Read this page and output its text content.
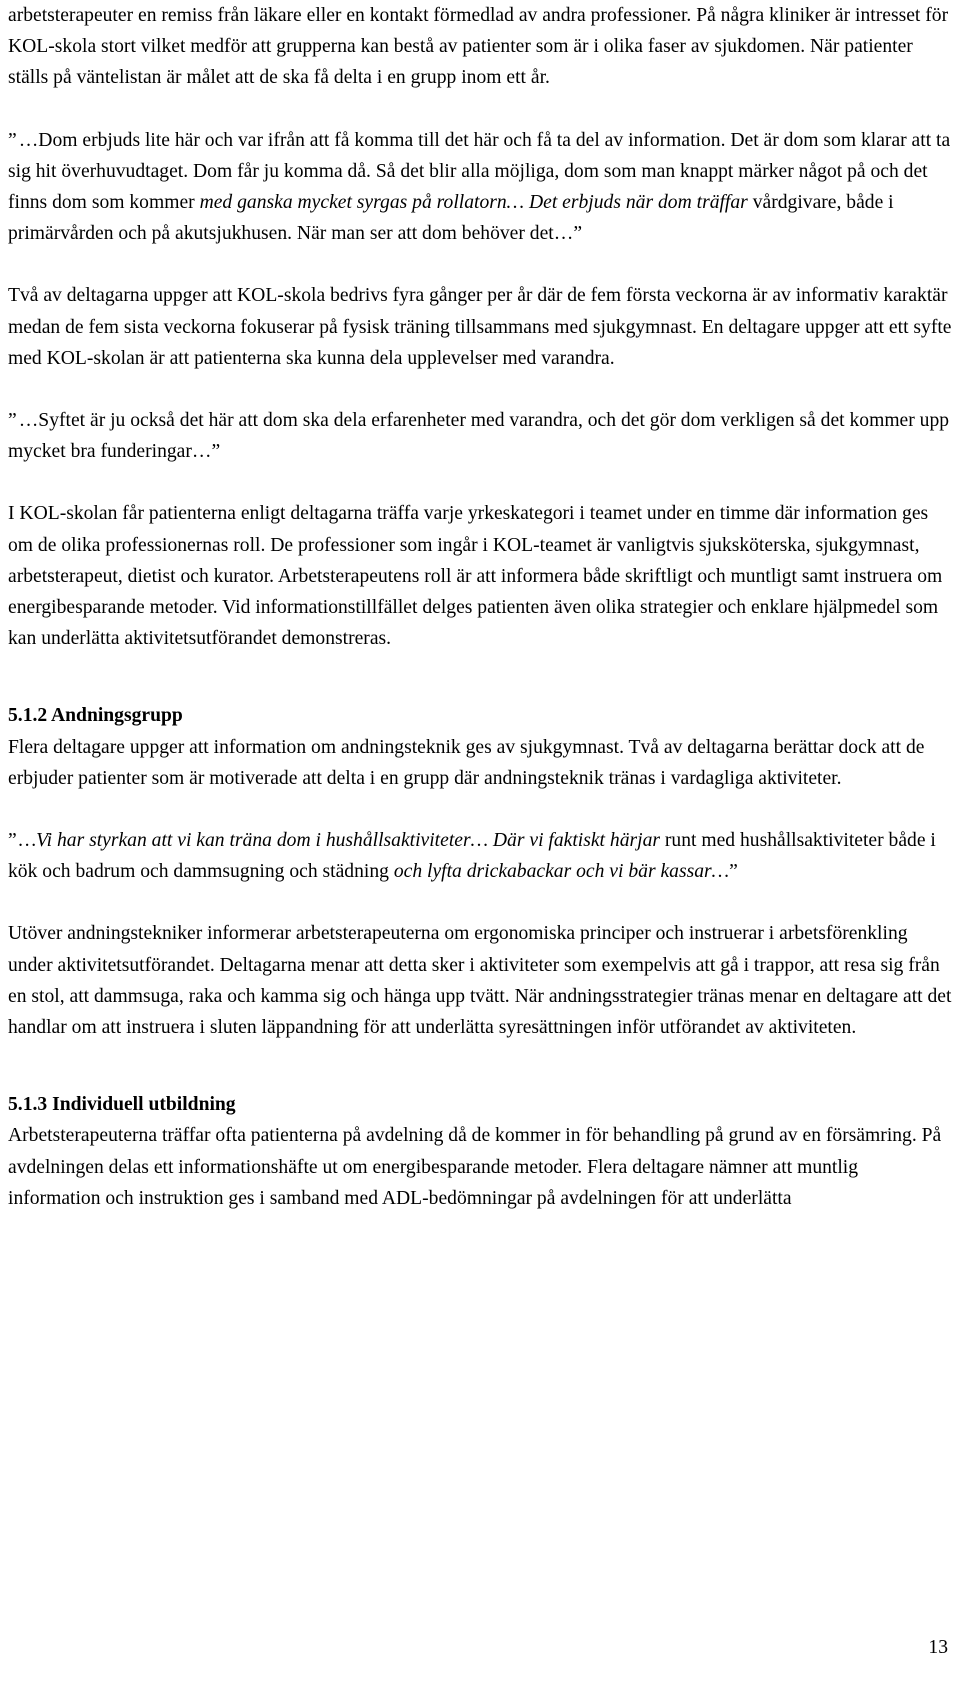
arbetsterapeuter en remiss från läkare eller en kontakt förmedlad av andra professioner. På några kliniker är intresset för KOL-skola stort vilket medför att grupperna kan bestå av patienter som är i olika faser av sjukdomen. När patienter ställs på väntelistan är målet att de ska få delta i en grupp inom ett år.

” …Dom erbjuds lite här och var ifrån att få komma till det här och få ta del av information. Det är dom som klarar att ta sig hit överhuvudtaget. Dom får ju komma då. Så det blir alla möjliga, dom som man knappt märker något på och det finns dom som kommer med ganska mycket syrgas på rollatorn… Det erbjuds när dom träffar vårdgivare, både i primärvården och på akutsjukhusen. När man ser att dom behöver det…”

Två av deltagarna uppger att KOL-skola bedrivs fyra gånger per år där de fem första veckorna är av informativ karaktär medan de fem sista veckorna fokuserar på fysisk träning tillsammans med sjukgymnast. En deltagare uppger att ett syfte med KOL-skolan är att patienterna ska kunna dela upplevelser med varandra.

” …Syftet är ju också det här att dom ska dela erfarenheter med varandra, och det gör dom verkligen så det kommer upp mycket bra funderingar…”

I KOL-skolan får patienterna enligt deltagarna träffa varje yrkeskategori i teamet under en timme där information ges om de olika professionernas roll. De professioner som ingår i KOL-teamet är vanligtvis sjuksköterska, sjukgymnast, arbetsterapeut, dietist och kurator. Arbetsterapeutens roll är att informera både skriftligt och muntligt samt instruera om energibesparande metoder. Vid informationstillfället delges patienten även olika strategier och enklare hjälpmedel som kan underlätta aktivitetsutförandet demonstreras.

5.1.2 Andningsgrupp

Flera deltagare uppger att information om andningsteknik ges av sjukgymnast. Två av deltagarna berättar dock att de erbjuder patienter som är motiverade att delta i en grupp där andningsteknik tränas i vardagliga aktiviteter.

” …Vi har styrkan att vi kan träna dom i hushållsaktiviteter… Där vi faktiskt härjar runt med hushållsaktiviteter både i kök och badrum och dammsugning och städning och lyfta drickabackar och vi bär kassar…”

Utöver andningstekniker informerar arbetsterapeuterna om ergonomiska principer och instruerar i arbetsförenkling under aktivitetsutförandet. Deltagarna menar att detta sker i aktiviteter som exempelvis att gå i trappor, att resa sig från en stol, att dammsuga, raka och kamma sig och hänga upp tvätt. När andningsstrategier tränas menar en deltagare att det handlar om att instruera i sluten läppandning för att underlätta syresättningen inför utförandet av aktiviteten.

5.1.3 Individuell utbildning

Arbetsterapeuterna träffar ofta patienterna på avdelning då de kommer in för behandling på grund av en försämring. På avdelningen delas ett informationshäfte ut om energibesparande metoder. Flera deltagare nämner att muntlig information och instruktion ges i samband med ADL-bedömningar på avdelningen för att underlätta

13
